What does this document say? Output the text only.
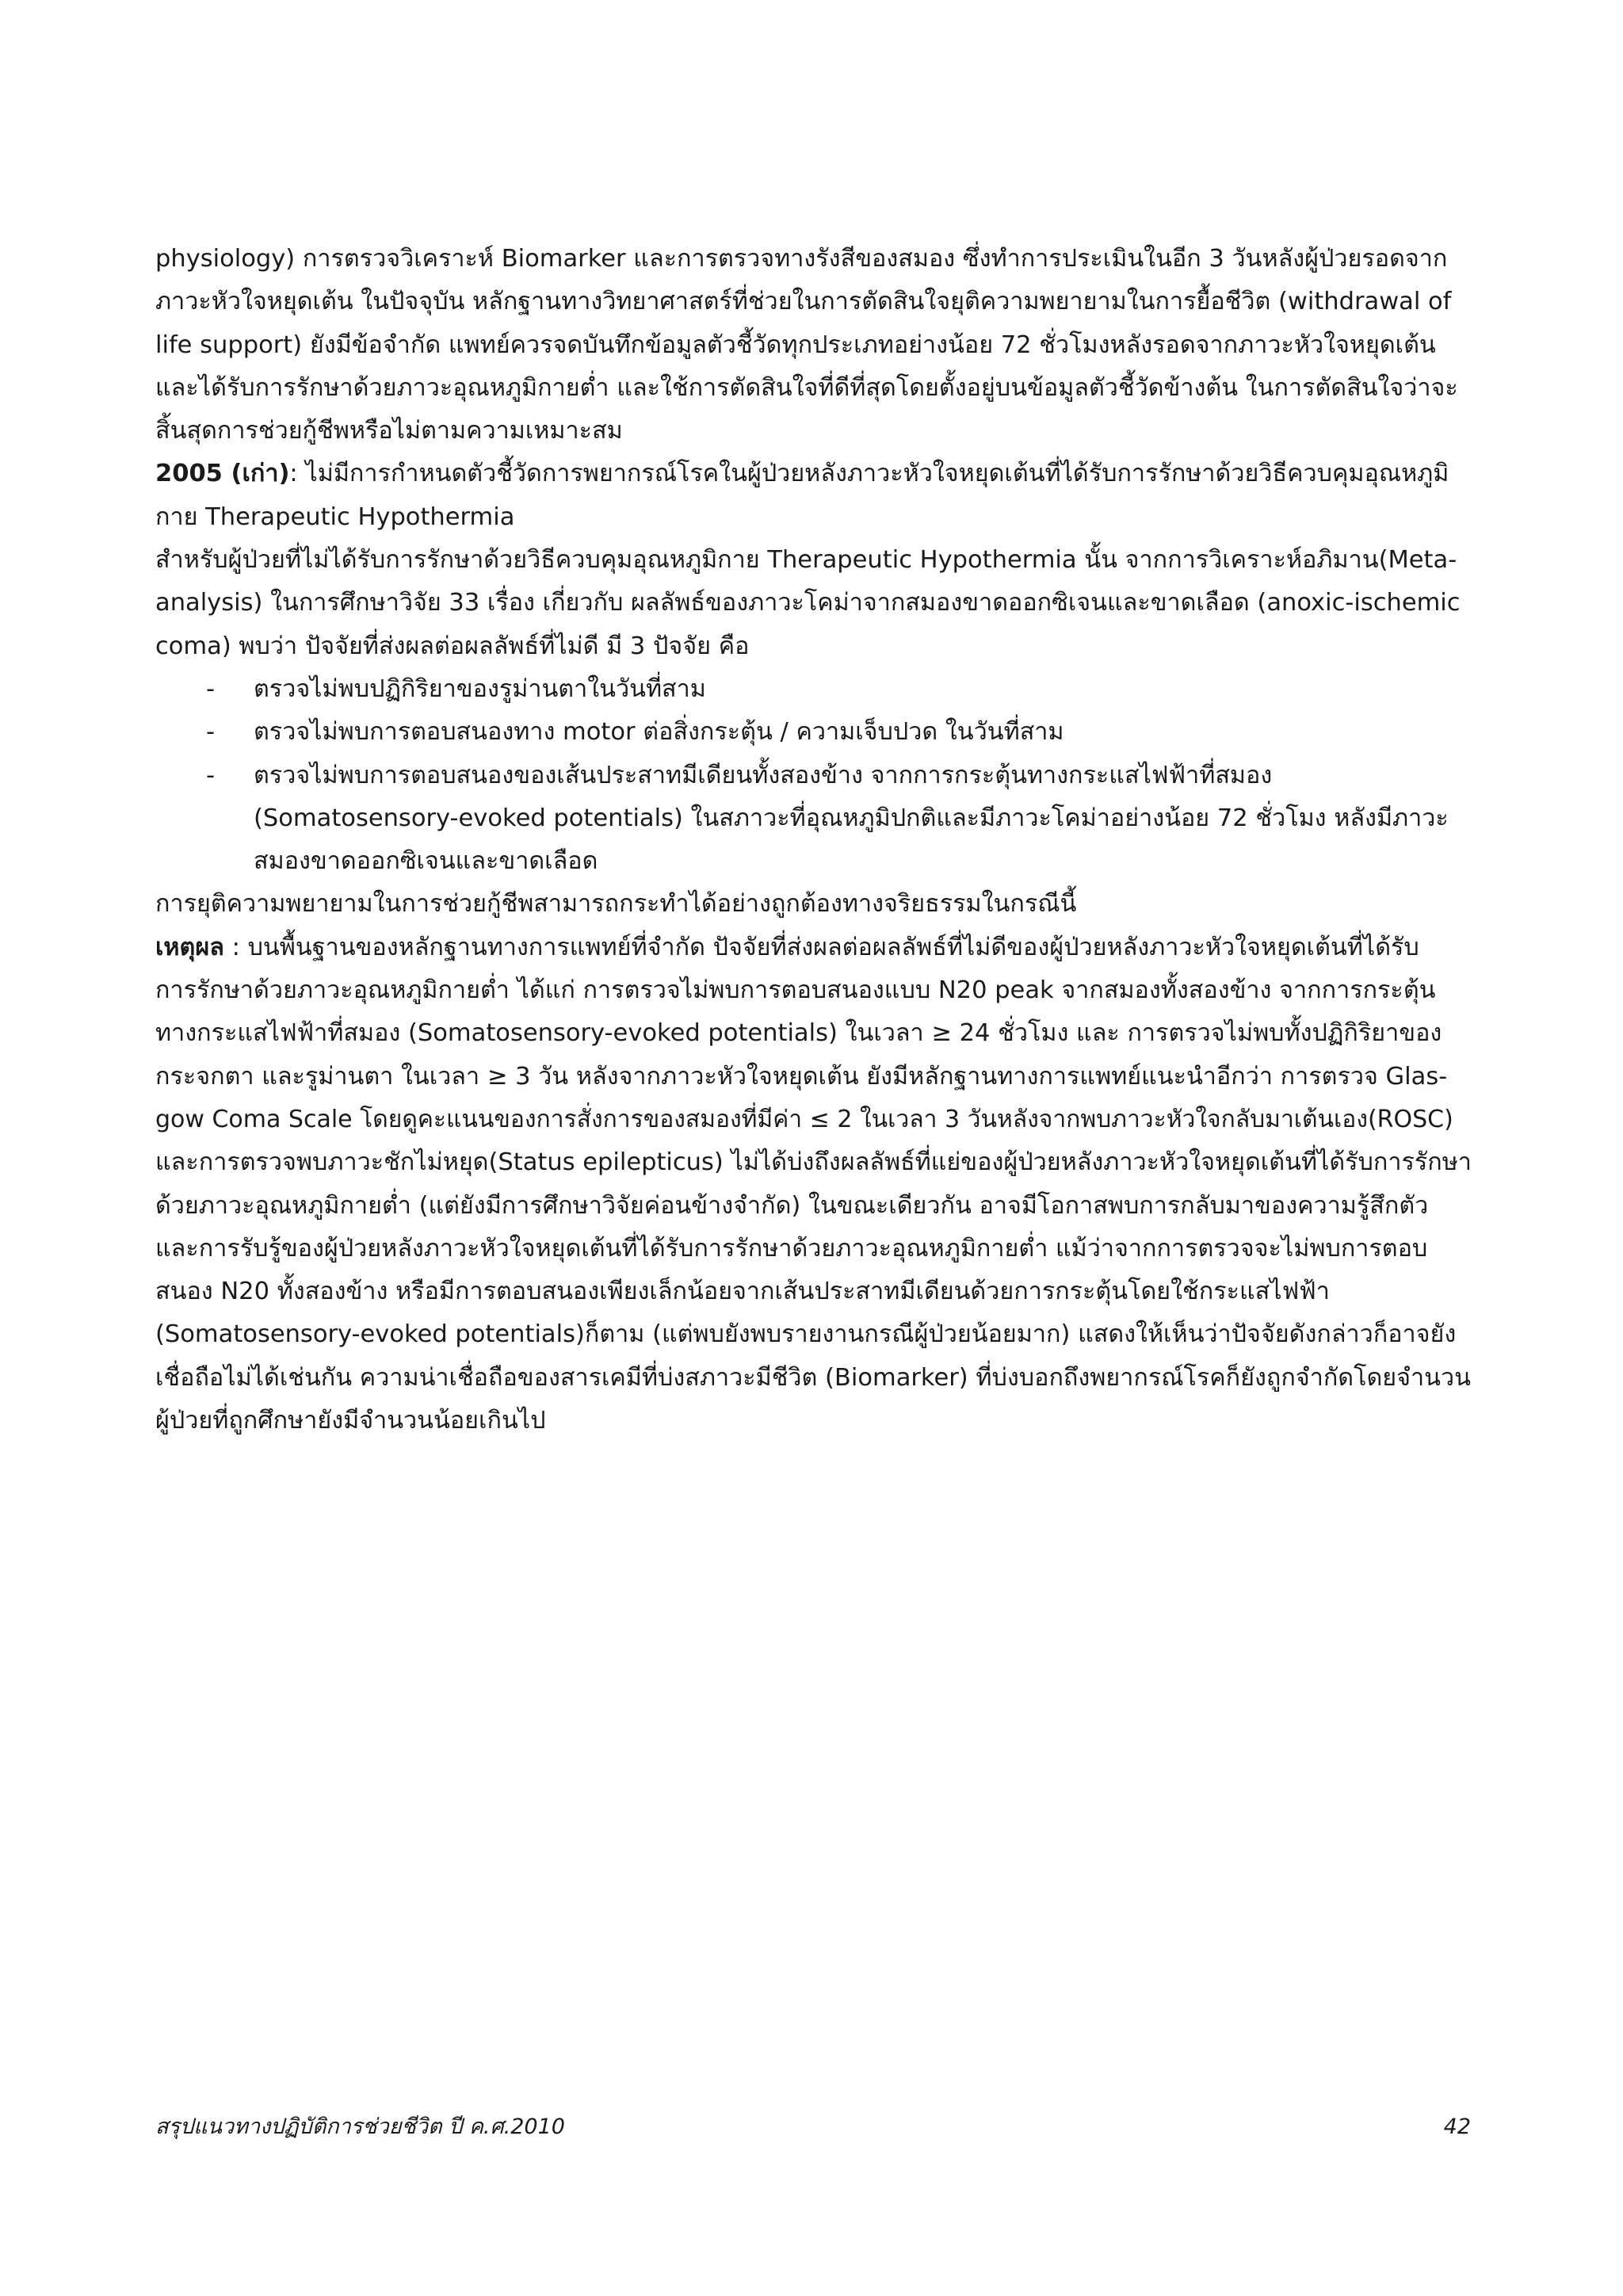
physiology) การตรวจวิเคราะห์ Biomarker และการตรวจทางรังสีของสมอง ซึ่งทำการประเมินในอีก 3 วันหลังผู้ป่วยรอดจาก
ภาวะหัวใจหยุดเต้น ในปัจจุบัน หลักฐานทางวิทยาศาสตร์ที่ช่วยในการตัดสินใจยุติความพยายามในการยื้อชีวิต (withdrawal of
life support) ยังมีข้อจำกัด แพทย์ควรจดบันทึกข้อมูลตัวชี้วัดทุกประเภทอย่างน้อย 72 ชั่วโมงหลังรอดจากภาวะหัวใจหยุดเต้น
และได้รับการรักษาด้วยภาวะอุณหภูมิกายต่ำ และใช้การตัดสินใจที่ดีที่สุดโดยตั้งอยู่บนข้อมูลตัวชี้วัดข้างต้น ในการตัดสินใจว่าจะ
สิ้นสุดการช่วยกู้ชีพหรือไม่ตามความเหมาะสม
2005 (เก่า): ไม่มีการกำหนดตัวชี้วัดการพยากรณ์โรคในผู้ป่วยหลังภาวะหัวใจหยุดเต้นที่ได้รับการรักษาด้วยวิธีควบคุมอุณหภูมิ
กาย Therapeutic Hypothermia
สำหรับผู้ป่วยที่ไม่ได้รับการรักษาด้วยวิธีควบคุมอุณหภูมิกาย Therapeutic Hypothermia นั้น จากการวิเคราะห์อภิมาน(Meta-
analysis) ในการศึกษาวิจัย 33 เรื่อง เกี่ยวกับ ผลลัพธ์ของภาวะโคม่าจากสมองขาดออกซิเจนและขาดเลือด (anoxic-ischemic
coma) พบว่า ปัจจัยที่ส่งผลต่อผลลัพธ์ที่ไม่ดี มี 3 ปัจจัย คือ
- ตรวจไม่พบปฏิกิริยาของรูม่านตาในวันที่สาม
- ตรวจไม่พบการตอบสนองทาง motor ต่อสิ่งกระตุ้น / ความเจ็บปวด ในวันที่สาม
- ตรวจไม่พบการตอบสนองของเส้นประสาทมีเดียนทั้งสองข้าง จากการกระตุ้นทางกระแสไฟฟ้าที่สมอง
(Somatosensory-evoked potentials) ในสภาวะที่อุณหภูมิปกติและมีภาวะโคม่าอย่างน้อย 72 ชั่วโมง หลังมีภาวะ
สมองขาดออกซิเจนและขาดเลือด
การยุติความพยายามในการช่วยกู้ชีพสามารถกระทำได้อย่างถูกต้องทางจริยธรรมในกรณีนี้
เหตุผล : บนพื้นฐานของหลักฐานทางการแพทย์ที่จำกัด ปัจจัยที่ส่งผลต่อผลลัพธ์ที่ไม่ดีของผู้ป่วยหลังภาวะหัวใจหยุดเต้นที่ได้รับ
การรักษาด้วยภาวะอุณหภูมิกายต่ำ ได้แก่ การตรวจไม่พบการตอบสนองแบบ N20 peak จากสมองทั้งสองข้าง จากการกระตุ้น
ทางกระแสไฟฟ้าที่สมอง (Somatosensory-evoked potentials) ในเวลา ≥ 24 ชั่วโมง และ การตรวจไม่พบทั้งปฏิกิริยาของ
กระจกตา และรูม่านตา ในเวลา ≥ 3 วัน หลังจากภาวะหัวใจหยุดเต้น ยังมีหลักฐานทางการแพทย์แนะนำอีกว่า การตรวจ Glas-
gow Coma Scale โดยดูคะแนนของการสั่งการของสมองที่มีค่า ≤ 2 ในเวลา 3 วันหลังจากพบภาวะหัวใจกลับมาเต้นเอง(ROSC)
และการตรวจพบภาวะชักไม่หยุด(Status epilepticus) ไม่ได้บ่งถึงผลลัพธ์ที่แย่ของผู้ป่วยหลังภาวะหัวใจหยุดเต้นที่ได้รับการรักษา
ด้วยภาวะอุณหภูมิกายต่ำ (แต่ยังมีการศึกษาวิจัยค่อนข้างจำกัด) ในขณะเดียวกัน อาจมีโอกาสพบการกลับมาของความรู้สึกตัว
และการรับรู้ของผู้ป่วยหลังภาวะหัวใจหยุดเต้นที่ได้รับการรักษาด้วยภาวะอุณหภูมิกายต่ำ แม้ว่าจากการตรวจจะไม่พบการตอบ
สนอง N20 ทั้งสองข้าง หรือมีการตอบสนองเพียงเล็กน้อยจากเส้นประสาทมีเดียนด้วยการกระตุ้นโดยใช้กระแสไฟฟ้า
(Somatosensory-evoked potentials)ก็ตาม (แต่พบยังพบรายงานกรณีผู้ป่วยน้อยมาก) แสดงให้เห็นว่าปัจจัยดังกล่าวก็อาจยัง
เชื่อถือไม่ได้เช่นกัน ความน่าเชื่อถือของสารเคมีที่บ่งสภาวะมีชีวิต (Biomarker) ที่บ่งบอกถึงพยากรณ์โรคก็ยังถูกจำกัดโดยจำนวน
ผู้ป่วยที่ถูกศึกษายังมีจำนวนน้อยเกินไป
สรุปแนวทางปฏิบัติการช่วยชีวิต ปี ค.ศ.2010	42
